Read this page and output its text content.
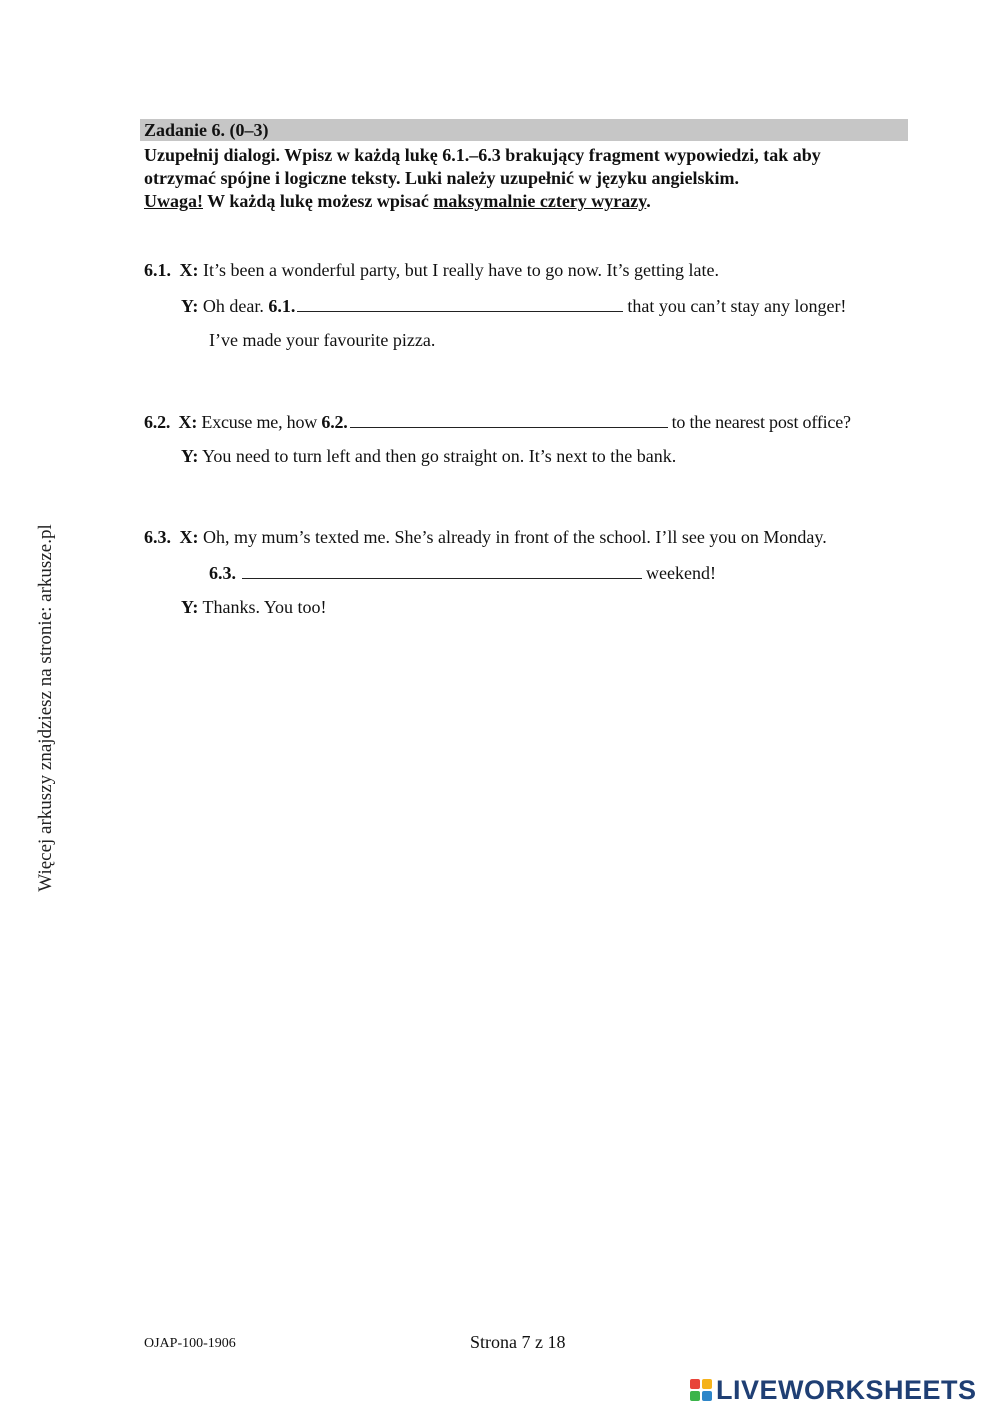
Zadanie 6. (0–3)
Uzupełnij dialogi. Wpisz w każdą lukę 6.1.–6.3 brakujący fragment wypowiedzi, tak aby
otrzymać spójne i logiczne teksty. Luki należy uzupełnić w języku angielskim.
Uwaga! W każdą lukę możesz wpisać maksymalnie cztery wyrazy.
6.1. X: It’s been a wonderful party, but I really have to go now. It’s getting late.
Y: Oh dear. 6.1.	that you can’t stay any longer!
I’ve made your favourite pizza.
6.2. X: Excuse me, how 6.2.	to the nearest post office?
Y: You need to turn left and then go straight on. It’s next to the bank.
6.3. X: Oh, my mum’s texted me. She’s already in front of the school. I’ll see you on Monday.
6.3.	weekend!
Y: Thanks. You too!
Więcej arkuszy znajdziesz na stronie: arkusze.pl
OJAP-100-1906	Strona 7 z 18
LIVEWORKSHEETS
